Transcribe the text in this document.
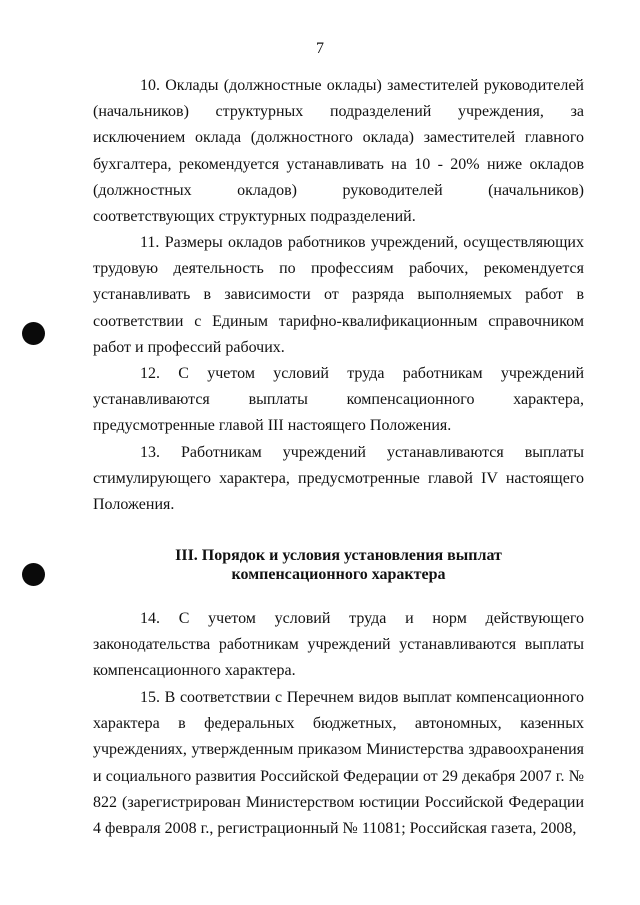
7

10. Оклады (должностные оклады) заместителей руководителей (начальников) структурных подразделений учреждения, за исключением оклада (должностного оклада) заместителей главного бухгалтера, рекомендуется устанавливать на 10 - 20% ниже окладов (должностных окладов) руководителей (начальников) соответствующих структурных подразделений.

11. Размеры окладов работников учреждений, осуществляющих трудовую деятельность по профессиям рабочих, рекомендуется устанавливать в зависимости от разряда выполняемых работ в соответствии с Единым тарифно-квалификационным справочником работ и профессий рабочих.

12. С учетом условий труда работникам учреждений устанавливаются выплаты компенсационного характера, предусмотренные главой III настоящего Положения.

13. Работникам учреждений устанавливаются выплаты стимулирующего характера, предусмотренные главой IV настоящего Положения.

III. Порядок и условия установления выплат
компенсационного характера

14. С учетом условий труда и норм действующего законодательства работникам учреждений устанавливаются выплаты компенсационного характера.

15. В соответствии с Перечнем видов выплат компенсационного характера в федеральных бюджетных, автономных, казенных учреждениях, утвержденным приказом Министерства здравоохранения и социального развития Российской Федерации от 29 декабря 2007 г. № 822 (зарегистрирован Министерством юстиции Российской Федерации 4 февраля 2008 г., регистрационный № 11081; Российская газета, 2008,
